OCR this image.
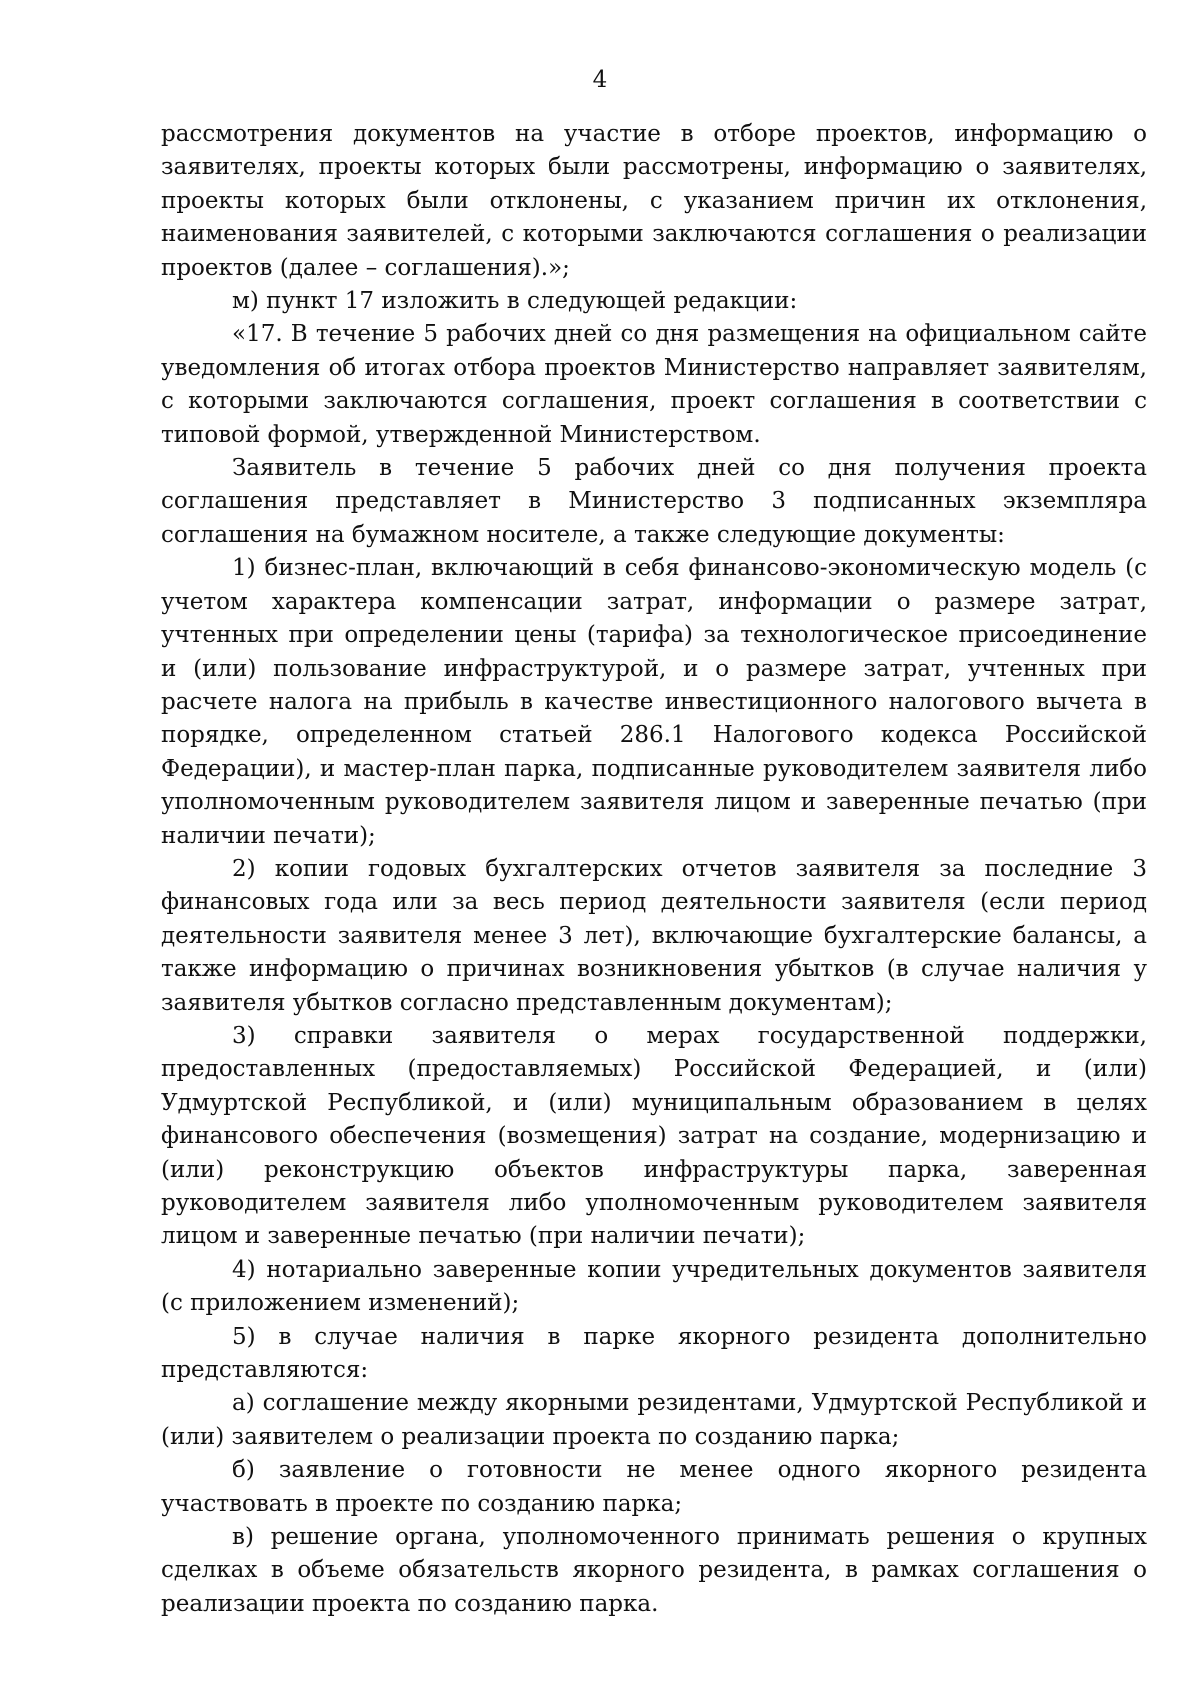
4

рассмотрения документов на участие в отборе проектов, информацию о заявителях, проекты которых были рассмотрены, информацию о заявителях, проекты которых были отклонены, с указанием причин их отклонения, наименования заявителей, с которыми заключаются соглашения о реализации проектов (далее – соглашения).»;

м) пункт 17 изложить в следующей редакции:

«17. В течение 5 рабочих дней со дня размещения на официальном сайте уведомления об итогах отбора проектов Министерство направляет заявителям, с которыми заключаются соглашения, проект соглашения в соответствии с типовой формой, утвержденной Министерством.

Заявитель в течение 5 рабочих дней со дня получения проекта соглашения представляет в Министерство 3 подписанных экземпляра соглашения на бумажном носителе, а также следующие документы:

1) бизнес-план, включающий в себя финансово-экономическую модель (с учетом характера компенсации затрат, информации о размере затрат, учтенных при определении цены (тарифа) за технологическое присоединение и (или) пользование инфраструктурой, и о размере затрат, учтенных при расчете налога на прибыль в качестве инвестиционного налогового вычета в порядке, определенном статьей 286.1 Налогового кодекса Российской Федерации), и мастер-план парка, подписанные руководителем заявителя либо уполномоченным руководителем заявителя лицом и заверенные печатью (при наличии печати);

2) копии годовых бухгалтерских отчетов заявителя за последние 3 финансовых года или за весь период деятельности заявителя (если период деятельности заявителя менее 3 лет), включающие бухгалтерские балансы, а также информацию о причинах возникновения убытков (в случае наличия у заявителя убытков согласно представленным документам);

3) справки заявителя о мерах государственной поддержки, предоставленных (предоставляемых) Российской Федерацией, и (или) Удмуртской Республикой, и (или) муниципальным образованием в целях финансового обеспечения (возмещения) затрат на создание, модернизацию и (или) реконструкцию объектов инфраструктуры парка, заверенная руководителем заявителя либо уполномоченным руководителем заявителя лицом и заверенные печатью (при наличии печати);

4) нотариально заверенные копии учредительных документов заявителя (с приложением изменений);

5) в случае наличия в парке якорного резидента дополнительно представляются:

а) соглашение между якорными резидентами, Удмуртской Республикой и (или) заявителем о реализации проекта по созданию парка;

б) заявление о готовности не менее одного якорного резидента участвовать в проекте по созданию парка;

в) решение органа, уполномоченного принимать решения о крупных сделках в объеме обязательств якорного резидента, в рамках соглашения о реализации проекта по созданию парка.
